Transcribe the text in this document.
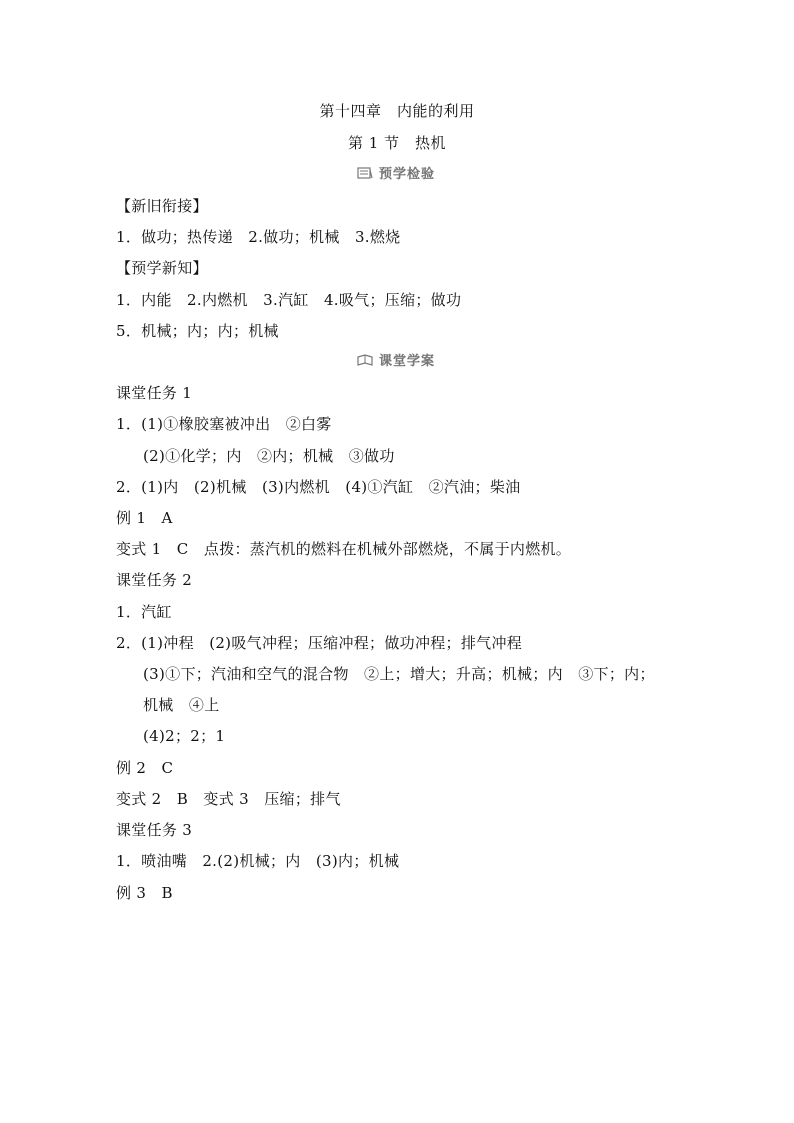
第十四章　内能的利用
第 1 节　热机
预学检验
【新旧衔接】
1．做功；热传递　2.做功；机械　3.燃烧
【预学新知】
1．内能　2.内燃机　3.汽缸　4.吸气；压缩；做功
5．机械；内；内；机械
课堂学案
课堂任务 1
1．(1)①橡胶塞被冲出　②白雾
(2)①化学；内　②内；机械　③做功
2．(1)内　(2)机械　(3)内燃机　(4)①汽缸　②汽油；柴油
例 1　A
变式 1　C　点拨：蒸汽机的燃料在机械外部燃烧，不属于内燃机。
课堂任务 2
1．汽缸
2．(1)冲程　(2)吸气冲程；压缩冲程；做功冲程；排气冲程
(3)①下；汽油和空气的混合物　②上；增大；升高；机械；内　③下；内；
机械　④上
(4)2；2；1
例 2　C
变式 2　B　变式 3　压缩；排气
课堂任务 3
1．喷油嘴　2.(2)机械；内　(3)内；机械
例 3　B
